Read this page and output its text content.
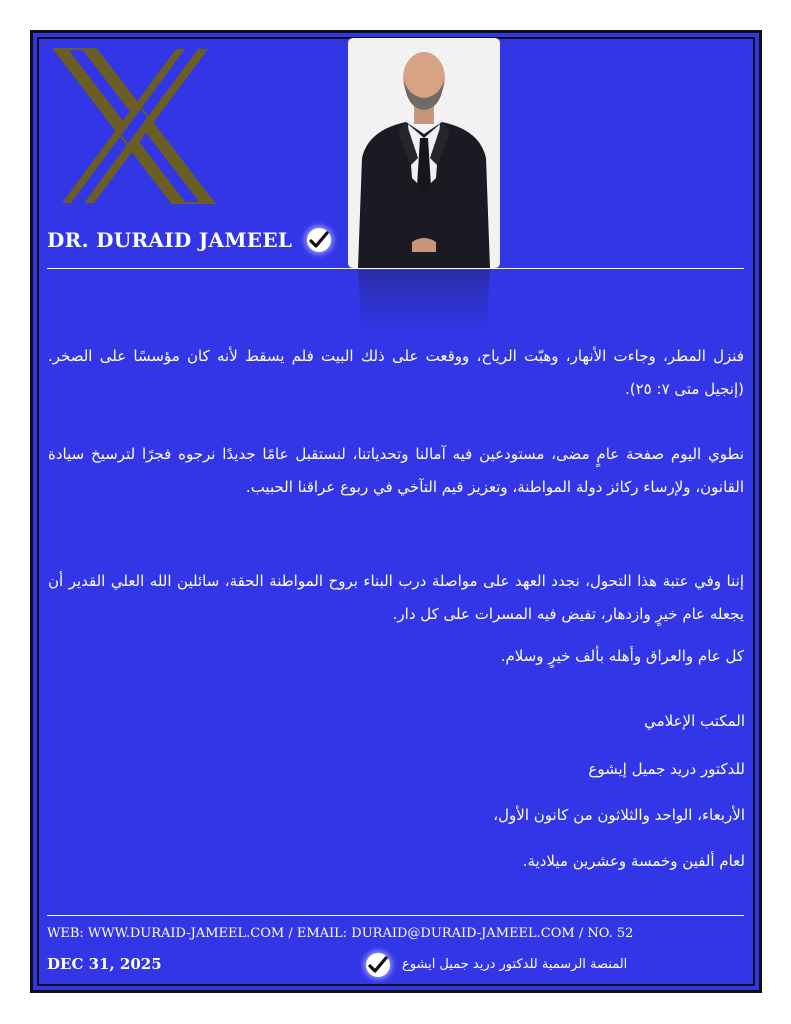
DR. DURAID JAMEEL

فنزل المطر، وجاءت الأنهار، وهبّت الرياح، ووقعت على ذلك البيت فلم يسقط لأنه كان مؤسسًا على الصخر. (إنجيل متى ٧: ٢٥).

نطوي اليوم صفحة عامٍ مضى، مستودعين فيه آمالنا وتحدياتنا، لنستقبل عامًا جديدًا نرجوه فجرًا لترسيخ سيادة القانون، ولإرساء ركائز دولة المواطنة، وتعزيز قيم التآخي في ربوع عراقنا الحبيب.

إننا وفي عتبة هذا التحول، نجدد العهد على مواصلة درب البناء بروح المواطنة الحقة، سائلين الله العلي القدير أن يجعله عام خيرٍ وازدهار، تفيض فيه المسرات على كل دار.

كل عام والعراق وأهله بألف خيرٍ وسلام.

المكتب الإعلامي

للدكتور دريد جميل إيشوع

الأربعاء، الواحد والثلاثون من كانون الأول،

لعام ألفين وخمسة وعشرين ميلادية.

WEB: WWW.DURAID-JAMEEL.COM / EMAIL: DURAID@DURAID-JAMEEL.COM / NO. 52

DEC 31, 2025	المنصة الرسمية للدكتور دريد جميل ايشوع
